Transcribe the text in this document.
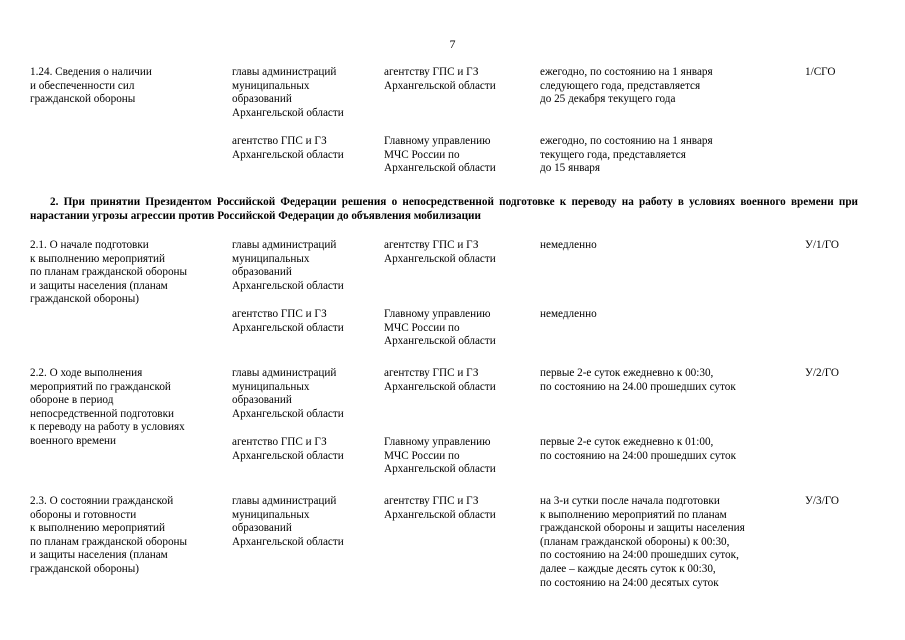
7
1.24. Сведения о наличии
и обеспеченности сил
гражданской обороны
главы администраций
муниципальных
образований
Архангельской области
агентству ГПС и ГЗ
Архангельской области
ежегодно, по состоянию на 1 января
следующего года, представляется
до 25 декабря текущего года
1/СГО
агентство ГПС и ГЗ
Архангельской области
Главному управлению
МЧС России по
Архангельской области
ежегодно, по состоянию на 1 января
текущего года, представляется
до 15 января
2. При принятии Президентом Российской Федерации решения о непосредственной подготовке к переводу на работу в условиях военного времени при нарастании угрозы агрессии против Российской Федерации до объявления мобилизации
2.1. О начале подготовки
к выполнению мероприятий
по планам гражданской обороны
и защиты населения (планам
гражданской обороны)
главы администраций
муниципальных
образований
Архангельской области
агентству ГПС и ГЗ
Архангельской области
немедленно	У/1/ГО
агентство ГПС и ГЗ
Архангельской области
Главному управлению
МЧС России по
Архангельской области
немедленно
2.2. О ходе выполнения
мероприятий по гражданской
обороне в период
непосредственной подготовки
к переводу на работу в условиях
военного времени
главы администраций
муниципальных
образований
Архангельской области
агентству ГПС и ГЗ
Архангельской области
первые 2-е суток ежедневно к 00:30,
по состоянию на 24.00 прошедших суток
У/2/ГО
агентство ГПС и ГЗ
Архангельской области
Главному управлению
МЧС России по
Архангельской области
первые 2-е суток ежедневно к 01:00,
по состоянию на 24:00 прошедших суток
2.3. О состоянии гражданской
обороны и готовности
к выполнению мероприятий
по планам гражданской обороны
и защиты населения (планам
гражданской обороны)
главы администраций
муниципальных
образований
Архангельской области
агентству ГПС и ГЗ
Архангельской области
на 3-и сутки после начала подготовки
к выполнению мероприятий по планам
гражданской обороны и защиты населения
(планам гражданской обороны) к 00:30,
по состоянию на 24:00 прошедших суток,
далее – каждые десять суток к 00:30,
по состоянию на 24:00 десятых суток
У/3/ГО
